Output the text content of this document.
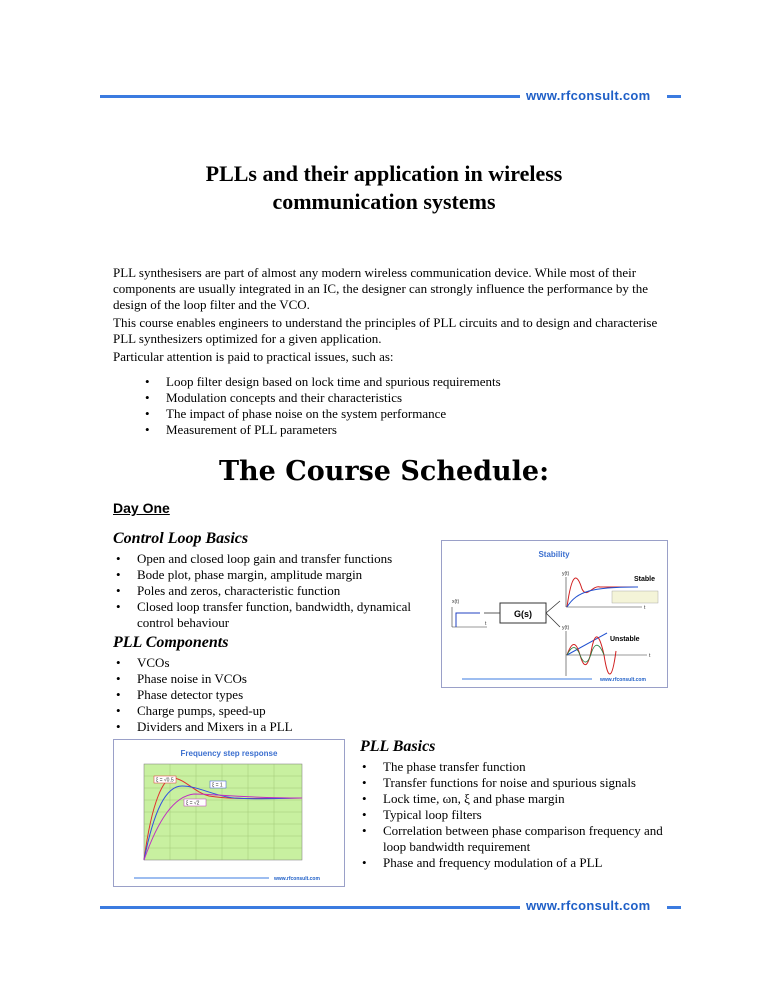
www.rfconsult.com
PLLs and their application in wireless
communication systems
PLL synthesisers are part of almost any modern wireless communication device. While most of their components are usually integrated in an IC, the designer can strongly influence the performance by the design of the loop filter and the VCO.
This course enables engineers to understand the principles of PLL circuits and to design and characterise PLL synthesizers optimized for a given application.
Particular attention is paid to practical issues, such as:
• Loop filter design based on lock time and spurious requirements
• Modulation concepts and their characteristics
• The impact of phase noise on the system performance
• Measurement of PLL parameters
The Course Schedule:
Day One
Control Loop Basics
• Open and closed loop gain and transfer functions
• Bode plot, phase margin, amplitude margin
• Poles and zeros, characteristic function
• Closed loop transfer function, bandwidth, dynamical control behaviour
PLL Components
• VCOs
• Phase noise in VCOs
• Phase detector types
• Charge pumps, speed-up
• Dividers and Mixers in a PLL
Stability
x(t)
t
G(s)
y(t)
t
Stable
y(t)
t
Unstable
www.rfconsult.com
Frequency step response
ξ = √0.5
ξ = 1
ξ = √2
www.rfconsult.com
PLL Basics
• The phase transfer function
• Transfer functions for noise and spurious signals
• Lock time, ωn, ξ and phase margin
• Typical loop filters
• Correlation between phase comparison frequency and loop bandwidth requirement
• Phase and frequency modulation of a PLL
www.rfconsult.com
